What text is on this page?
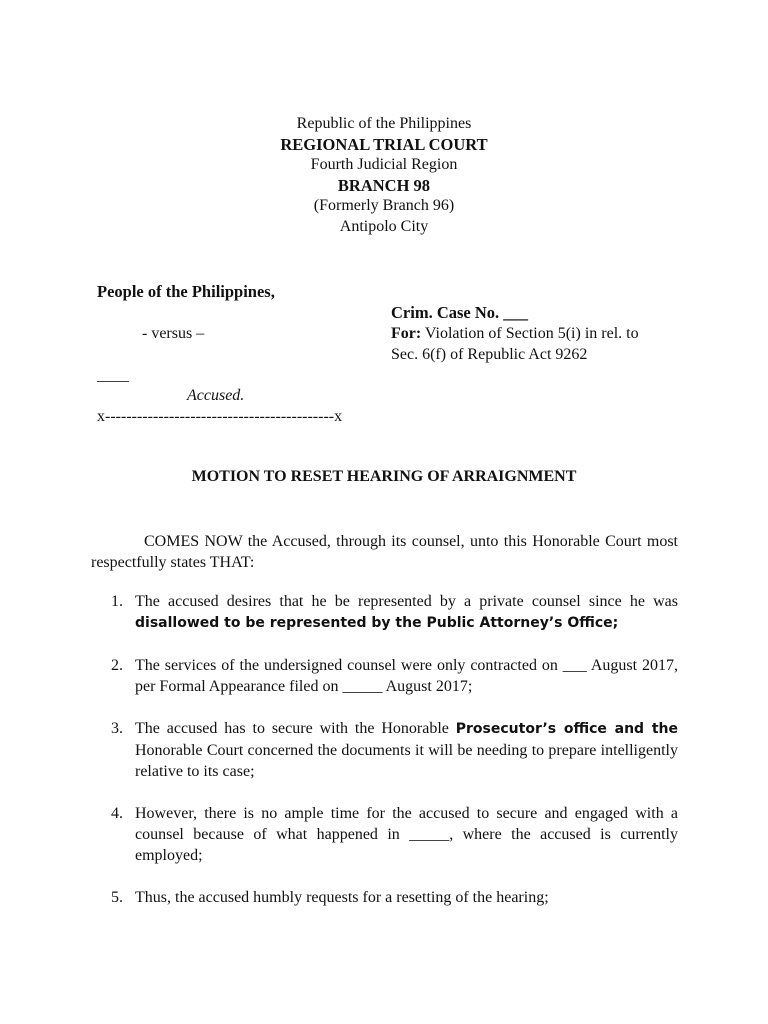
Republic of the Philippines
REGIONAL TRIAL COURT
Fourth Judicial Region
BRANCH 98
(Formerly Branch 96)
Antipolo City
People of the Philippines,
Crim. Case No. ___
- versus –	For: Violation of Section 5(i) in rel. to
Sec. 6(f) of Republic Act 9262
____
Accused.
x-------------------------------------------x
MOTION TO RESET HEARING OF ARRAIGNMENT
COMES NOW the Accused, through its counsel, unto this Honorable Court most respectfully states THAT:
1. The accused desires that he be represented by a private counsel since he was disallowed to be represented by the Public Attorney’s Office;
2. The services of the undersigned counsel were only contracted on ___ August 2017, per Formal Appearance filed on _____ August 2017;
3. The accused has to secure with the Honorable Prosecutor’s office and the Honorable Court concerned the documents it will be needing to prepare intelligently relative to its case;
4. However, there is no ample time for the accused to secure and engaged with a counsel because of what happened in _____, where the accused is currently employed;
5. Thus, the accused humbly requests for a resetting of the hearing;
